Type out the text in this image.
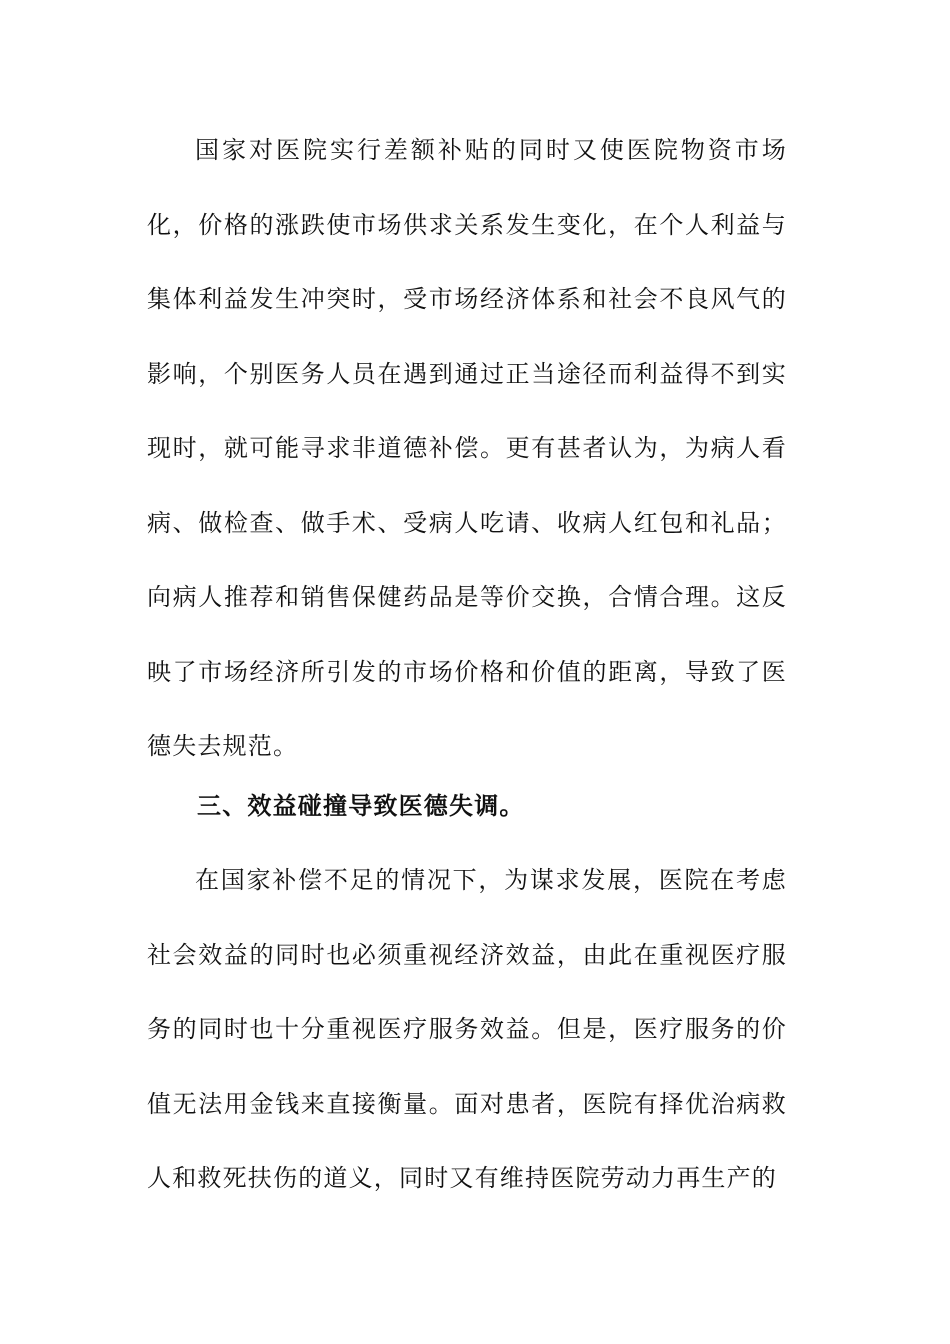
国家对医院实行差额补贴的同时又使医院物资市场化，价格的涨跌使市场供求关系发生变化，在个人利益与集体利益发生冲突时，受市场经济体系和社会不良风气的影响，个别医务人员在遇到通过正当途径而利益得不到实现时，就可能寻求非道德补偿。更有甚者认为，为病人看病、做检查、做手术、受病人吃请、收病人红包和礼品；向病人推荐和销售保健药品是等价交换，合情合理。这反映了市场经济所引发的市场价格和价值的距离，导致了医德失去规范。

三、效益碰撞导致医德失调。

在国家补偿不足的情况下，为谋求发展，医院在考虑社会效益的同时也必须重视经济效益，由此在重视医疗服务的同时也十分重视医疗服务效益。但是，医疗服务的价值无法用金钱来直接衡量。面对患者，医院有择优治病救人和救死扶伤的道义，同时又有维持医院劳动力再生产的
